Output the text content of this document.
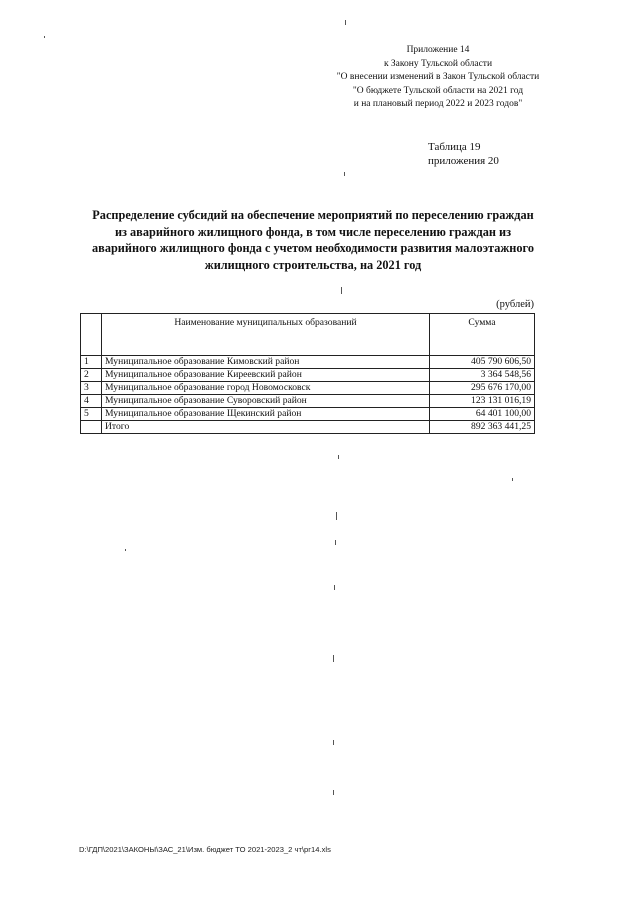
Приложение 14
к Закону Тульской области
"О внесении изменений в Закон Тульской области
"О бюджете Тульской области на 2021 год
и на плановый период 2022 и 2023 годов"
Таблица 19
приложения 20
Распределение субсидий на обеспечение мероприятий по переселению граждан
из аварийного жилищного фонда, в том числе переселению граждан из
аварийного жилищного фонда с учетом необходимости развития малоэтажного
жилищного строительства, на 2021 год
(рублей)
	Наименование муниципальных образований	Сумма
1	Муниципальное образование Кимовский район	405 790 606,50
2	Муниципальное образование Киреевский район	3 364 548,56
3	Муниципальное образование город Новомосковск	295 676 170,00
4	Муниципальное образование Суворовский район	123 131 016,19
5	Муниципальное образование Щекинский район	64 401 100,00
	Итого	892 363 441,25
D:\ГДП\2021\ЗАКОНЫ\ЗАС_21\Изм. бюджет ТО 2021-2023_2 чт\рг14.xls
